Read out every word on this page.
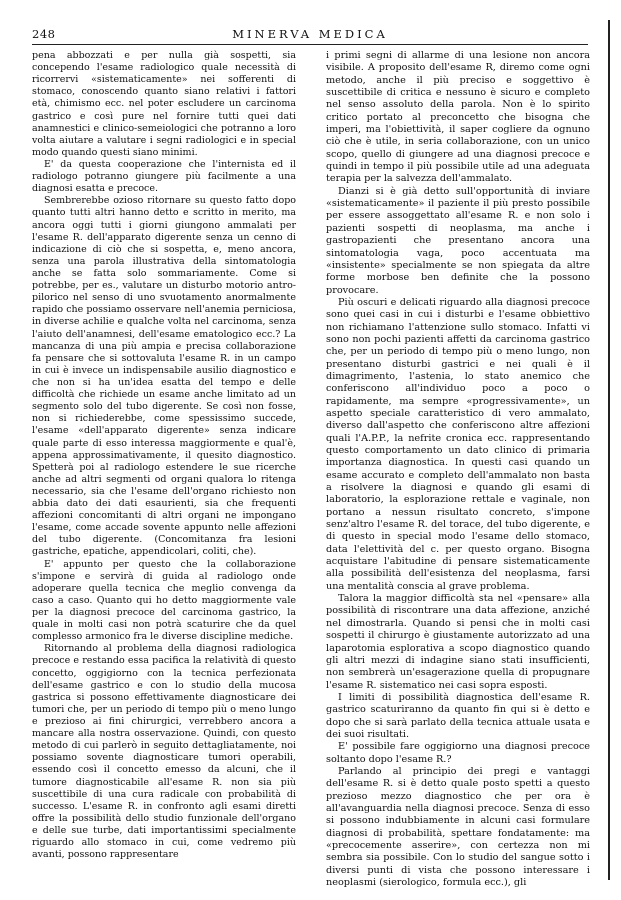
248	MINERVA MEDICA

pena abbozzati e per nulla già sospetti, sia concependo l'esame radiologico quale necessità di ricorrervi «sistematicamente» nei sofferenti di stomaco, conoscendo quanto siano relativi i fattori età, chimismo ecc. nel poter escludere un carcinoma gastrico e così pure nel fornire tutti quei dati anamnestici e clinico-semeiologici che potranno a loro volta aiutare a valutare i segni radiologici e in special modo quando questi siano minimi.

E' da questa cooperazione che l'internista ed il radiologo potranno giungere più facilmente a una diagnosi esatta e precoce.

Sembrerebbe ozioso ritornare su questo fatto dopo quanto tutti altri hanno detto e scritto in merito, ma ancora oggi tutti i giorni giungono ammalati per l'esame R. dell'apparato digerente senza un cenno di indicazione di ciò che si sospetta, e, meno ancora, senza una parola illustrativa della sintomatologia anche se fatta solo sommariamente. Come si potrebbe, per es., valutare un disturbo motorio antro-pilorico nel senso di uno svuotamento anormalmente rapido che possiamo osservare nell'anemia perniciosa, in diverse achilie e qualche volta nel carcinoma, senza l'aiuto dell'anamnesi, dell'esame ematologico ecc.? La mancanza di una più ampia e precisa collaborazione fa pensare che si sottovaluta l'esame R. in un campo in cui è invece un indispensabile ausilio diagnostico e che non si ha un'idea esatta del tempo e delle difficoltà che richiede un esame anche limitato ad un segmento solo del tubo digerente. Se così non fosse, non si richiederebbe, come spessissimo succede, l'esame «dell'apparato digerente» senza indicare quale parte di esso interessa maggiormente e qual'è, appena approssimativamente, il quesito diagnostico. Spetterà poi al radiologo estendere le sue ricerche anche ad altri segmenti od organi qualora lo ritenga necessario, sia che l'esame dell'organo richiesto non abbia dato dei dati esaurienti, sia che frequenti affezioni concomitanti di altri organi ne impongano l'esame, come accade sovente appunto nelle affezioni del tubo digerente. (Concomitanza fra lesioni gastriche, epatiche, appendicolari, coliti, che).

E' appunto per questo che la collaborazione s'impone e servirà di guida al radiologo onde adoperare quella tecnica che meglio convenga da caso a caso. Quanto qui ho detto maggiormente vale per la diagnosi precoce del carcinoma gastrico, la quale in molti casi non potrà scaturire che da quel complesso armonico fra le diverse discipline mediche.

Ritornando al problema della diagnosi radiologica precoce e restando essa pacifica la relatività di questo concetto, oggigiorno con la tecnica perfezionata dell'esame gastrico e con lo studio della mucosa gastrica si possono effettivamente diagnosticare dei tumori che, per un periodo di tempo più o meno lungo e prezioso ai fini chirurgici, verrebbero ancora a mancare alla nostra osservazione. Quindi, con questo metodo di cui parlerò in seguito dettagliatamente, noi possiamo sovente diagnosticare tumori operabili, essendo così il concetto emesso da alcuni, che il tumore diagnosticabile all'esame R. non sia più suscettibile di una cura radicale con probabilità di successo. L'esame R. in confronto agli esami diretti offre la possibilità dello studio funzionale dell'organo e delle sue turbe, dati importantissimi specialmente riguardo allo stomaco in cui, come vedremo più avanti, possono rappresentare

i primi segni di allarme di una lesione non ancora visibile. A proposito dell'esame R, diremo come ogni metodo, anche il più preciso e soggettivo è suscettibile di critica e nessuno è sicuro e completo nel senso assoluto della parola. Non è lo spirito critico portato al preconcetto che bisogna che imperi, ma l'obiettività, il saper cogliere da ognuno ciò che è utile, in seria collaborazione, con un unico scopo, quello di giungere ad una diagnosi precoce e quindi in tempo il più possibile utile ad una adeguata terapia per la salvezza dell'ammalato.

Dianzi si è già detto sull'opportunità di inviare «sistematicamente» il paziente il più presto possibile per essere assoggettato all'esame R. e non solo i pazienti sospetti di neoplasma, ma anche i gastropazienti che presentano ancora una sintomatologia vaga, poco accentuata ma «insistente» specialmente se non spiegata da altre forme morbose ben definite che la possono provocare.

Più oscuri e delicati riguardo alla diagnosi precoce sono quei casi in cui i disturbi e l'esame obbiettivo non richiamano l'attenzione sullo stomaco. Infatti vi sono non pochi pazienti affetti da carcinoma gastrico che, per un periodo di tempo più o meno lungo, non presentano disturbi gastrici e nei quali è il dimagrimento, l'astenia, lo stato anemico che conferiscono all'individuo poco a poco o rapidamente, ma sempre «progressivamente», un aspetto speciale caratteristico di vero ammalato, diverso dall'aspetto che conferiscono altre affezioni quali l'A.P.P., la nefrite cronica ecc. rappresentando questo comportamento un dato clinico di primaria importanza diagnostica. In questi casi quando un esame accurato e completo dell'ammalato non basta a risolvere la diagnosi e quando gli esami di laboratorio, la esplorazione rettale e vaginale, non portano a nessun risultato concreto, s'impone senz'altro l'esame R. del torace, del tubo digerente, e di questo in special modo l'esame dello stomaco, data l'elettività del c. per questo organo. Bisogna acquistare l'abitudine di pensare sistematicamente alla possibilità dell'esistenza del neoplasma, farsi una mentalità conscia al grave problema.

Talora la maggior difficoltà sta nel «pensare» alla possibilità di riscontrare una data affezione, anziché nel dimostrarla. Quando si pensi che in molti casi sospetti il chirurgo è giustamente autorizzato ad una laparotomia esplorativa a scopo diagnostico quando gli altri mezzi di indagine siano stati insufficienti, non sembrerà un'esagerazione quella di propugnare l'esame R. sistematico nei casi sopra esposti.

I limiti di possibilità diagnostica dell'esame R. gastrico scaturiranno da quanto fin qui si è detto e dopo che si sarà parlato della tecnica attuale usata e dei suoi risultati.

E' possibile fare oggigiorno una diagnosi precoce soltanto dopo l'esame R.?

Parlando al principio dei pregi e vantaggi dell'esame R. si è detto quale posto spetti a questo prezioso mezzo diagnostico che per ora è all'avanguardia nella diagnosi precoce. Senza di esso si possono indubbiamente in alcuni casi formulare diagnosi di probabilità, spettare fondatamente: ma «precocemente asserire», con certezza non mi sembra sia possibile. Con lo studio del sangue sotto i diversi punti di vista che possono interessare i neoplasmi (sierologico, formula ecc.), gli
